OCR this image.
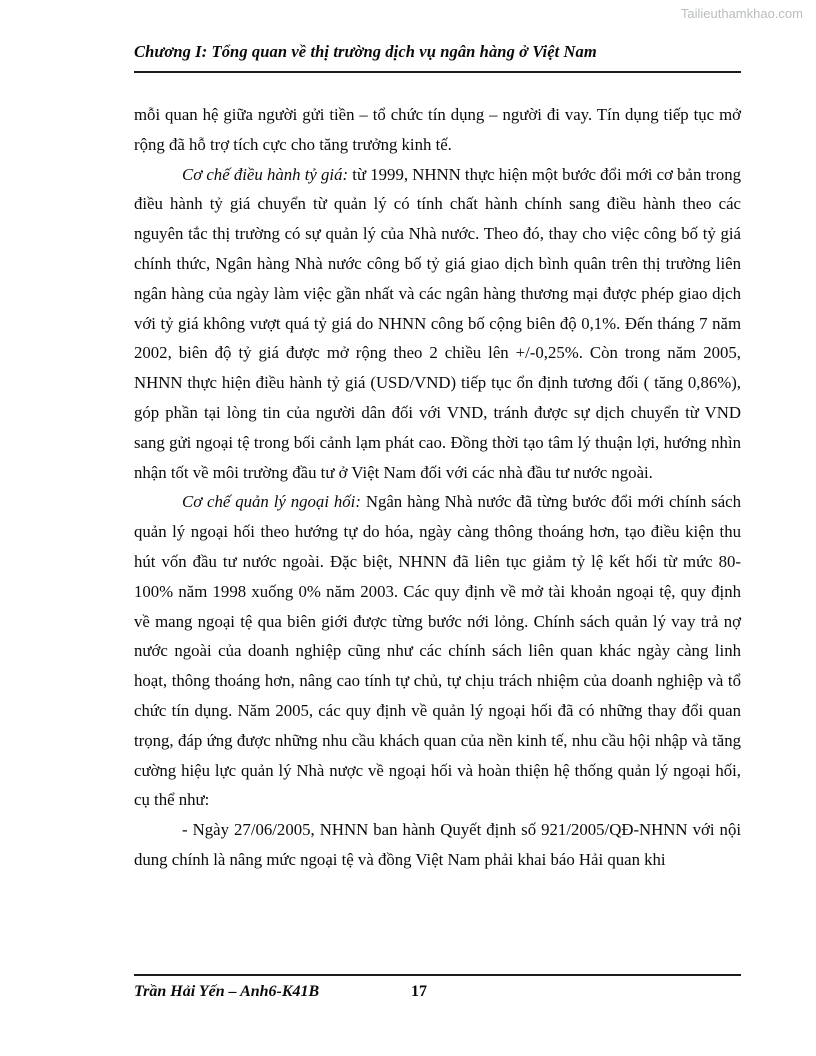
Tailieuthamkhao.com
Chương I: Tổng quan về thị trường dịch vụ ngân hàng ở Việt Nam

mỗi quan hệ giữa người gửi tiền – tổ chức tín dụng – người đi vay. Tín dụng tiếp tục mở rộng đã hỗ trợ tích cực cho tăng trưởng kinh tế.

Cơ chế điều hành tỷ giá: từ 1999, NHNN thực hiện một bước đổi mới cơ bản trong điều hành tỷ giá chuyển từ quản lý có tính chất hành chính sang điều hành theo các nguyên tắc thị trường có sự quản lý của Nhà nước. Theo đó, thay cho việc công bố tỷ giá chính thức, Ngân hàng Nhà nước công bố tỷ giá giao dịch bình quân trên thị trường liên ngân hàng của ngày làm việc gần nhất và các ngân hàng thương mại được phép giao dịch với tỷ giá không vượt quá tỷ giá do NHNN công bố cộng biên độ 0,1%. Đến tháng 7 năm 2002, biên độ tỷ giá được mở rộng theo 2 chiều lên +/-0,25%. Còn trong năm 2005, NHNN thực hiện điều hành tỷ giá (USD/VND) tiếp tục ổn định tương đối ( tăng 0,86%), góp phần tại lòng tin của người dân đối với VND, tránh được sự dịch chuyển từ VND sang gửi ngoại tệ trong bối cảnh lạm phát cao. Đồng thời tạo tâm lý thuận lợi, hướng nhìn nhận tốt về môi trường đầu tư ở Việt Nam đối với các nhà đầu tư nước ngoài.

Cơ chế quản lý ngoại hối: Ngân hàng Nhà nước đã từng bước đổi mới chính sách quản lý ngoại hối theo hướng tự do hóa, ngày càng thông thoáng hơn, tạo điều kiện thu hút vốn đầu tư nước ngoài. Đặc biệt, NHNN đã liên tục giảm tỷ lệ kết hối từ mức 80-100% năm 1998 xuống 0% năm 2003. Các quy định về mở tài khoản ngoại tệ, quy định về mang ngoại tệ qua biên giới được từng bước nới lỏng. Chính sách quản lý vay trả nợ nước ngoài của doanh nghiệp cũng như các chính sách liên quan khác ngày càng linh hoạt, thông thoáng hơn, nâng cao tính tự chủ, tự chịu trách nhiệm của doanh nghiệp và tổ chức tín dụng. Năm 2005, các quy định về quản lý ngoại hối đã có những thay đổi quan trọng, đáp ứng được những nhu cầu khách quan của nền kinh tế, nhu cầu hội nhập và tăng cường hiệu lực quản lý Nhà nược về ngoại hối và hoàn thiện hệ thống quản lý ngoại hối, cụ thể như:

- Ngày 27/06/2005, NHNN ban hành Quyết định số 921/2005/QĐ-NHNN với nội dung chính là nâng mức ngoại tệ và đồng Việt Nam phải khai báo Hải quan khi

Trần Hải Yến – Anh6-K41B	17
